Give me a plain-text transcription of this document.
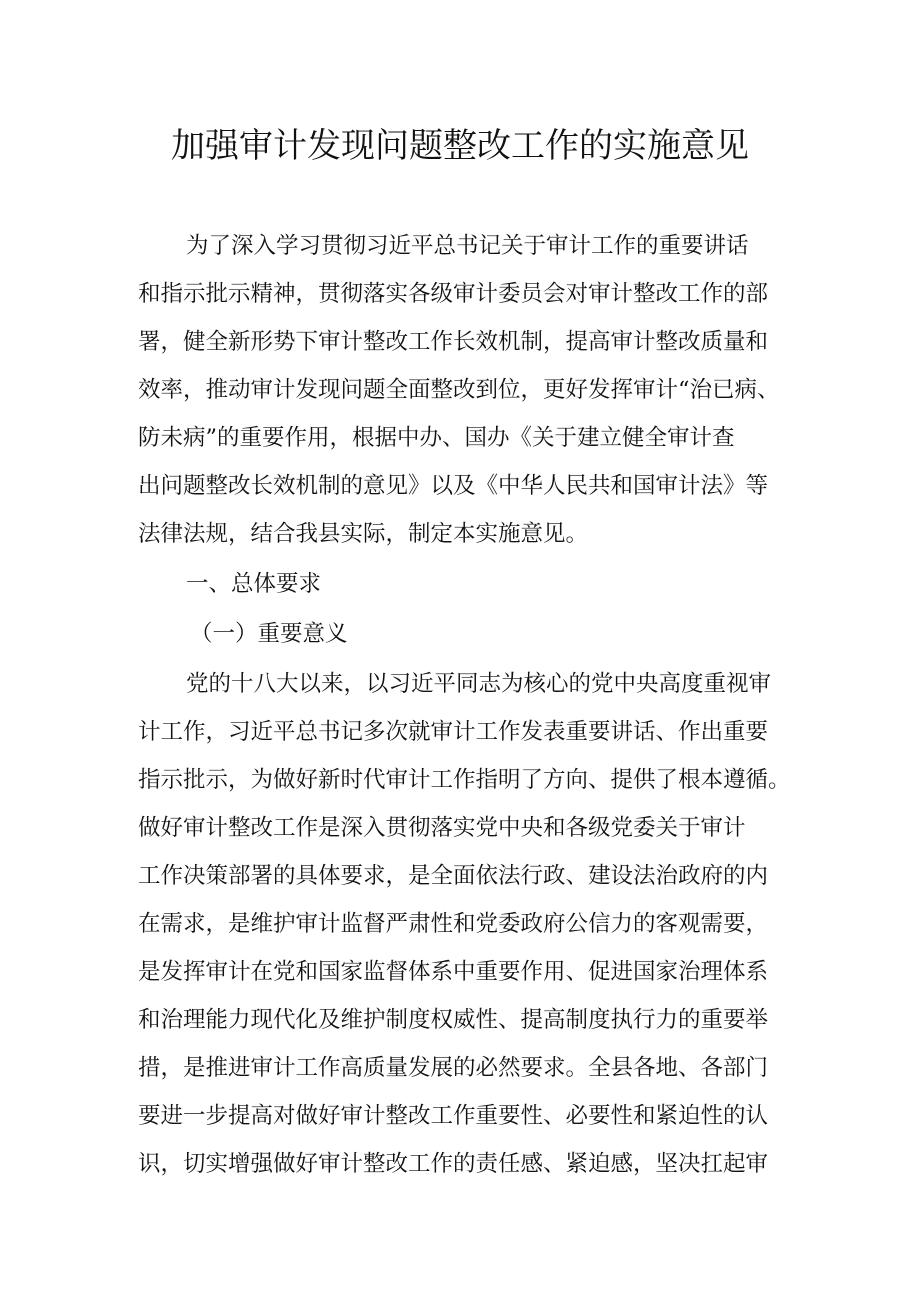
加强审计发现问题整改工作的实施意见
为了深入学习贯彻习近平总书记关于审计工作的重要讲话
和指示批示精神，贯彻落实各级审计委员会对审计整改工作的部
署，健全新形势下审计整改工作长效机制，提高审计整改质量和
效率，推动审计发现问题全面整改到位，更好发挥审计“治已病、
防未病”的重要作用，根据中办、国办《关于建立健全审计查
出问题整改长效机制的意见》以及《中华人民共和国审计法》等
法律法规，结合我县实际，制定本实施意见。
一、总体要求
（一）重要意义
党的十八大以来，以习近平同志为核心的党中央高度重视审
计工作，习近平总书记多次就审计工作发表重要讲话、作出重要
指示批示，为做好新时代审计工作指明了方向、提供了根本遵循。
做好审计整改工作是深入贯彻落实党中央和各级党委关于审计
工作决策部署的具体要求，是全面依法行政、建设法治政府的内
在需求，是维护审计监督严肃性和党委政府公信力的客观需要，
是发挥审计在党和国家监督体系中重要作用、促进国家治理体系
和治理能力现代化及维护制度权威性、提高制度执行力的重要举
措，是推进审计工作高质量发展的必然要求。全县各地、各部门
要进一步提高对做好审计整改工作重要性、必要性和紧迫性的认
识，切实增强做好审计整改工作的责任感、紧迫感，坚决扛起审
